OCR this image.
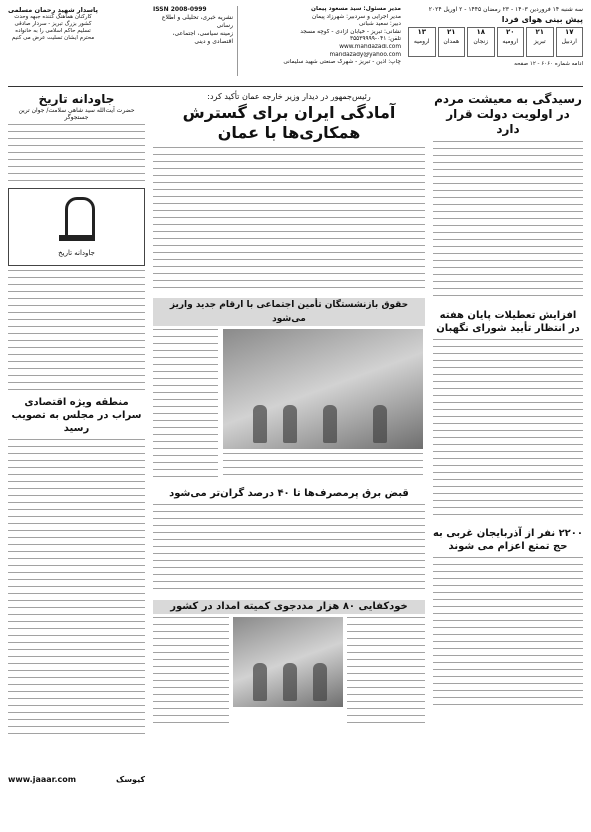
سه شنبه ۱۴ فروردین ۱۴۰۳ - ۲۳ رمضان ۱۴۴۵ - ۲ آوریل ۲۰۲۴
پیش بینی هوای فردا
۱۷
اردبیل
۲۱
تبریز
۲۰
ارومیه
۱۸
زنجان
۲۱
همدان
۱۳
ارومیه
ادامه شماره ۶۰۶۰ - ۱۲ صفحه
مدیر مسئول: سید مسعود پیمان
مدیر اجرایی و سردبیر: شهرزاد پیمان
دبیر: سعید شبانی
نشانی: تبریز - خیابان آزادی - کوچه مسجد
تلفن: ۰۴۱-۳۵۵۳۹۹۹۹
www.mahdazadi.com
mandazady@yahoo.com
چاپ: آذین - تبریز - شهرک صنعتی شهید سلیمانی
ISSN 2008-0999
نشریه خبری، تحلیلی و اطلاع رسانی
زمینه سیاسی، اجتماعی، اقتصادی و دینی
پاسدار شهید رحمان مسلمی
کارکنان هماهنگ کننده جبهه وحدت کشور بزرگ تبریز - سردار صادقی تسلیم حاکم اسلامی را به خانواده محترم ایشان تسلیت عرض می کنیم
رسیدگی به معیشت مردم در اولویت دولت قرار دارد
افزایش تعطیلات پایان هفته در انتظار تأیید شورای نگهبان
۲۲۰۰ نفر از آذربایجان غربی به حج تمتع اعزام می شوند
رئیس‌جمهور در دیدار وزیر خارجه عمان تأکید کرد:
آمادگی ایران برای گسترش همکاری‌ها با عمان
حقوق بازنشستگان تأمین اجتماعی با ارقام جدید واریز می‌شود
قبض برق پرمصرف‌ها تا ۴۰ درصد گران‌تر می‌شود
خودکفایی ۸۰ هزار مددجوی کمیته امداد در کشور
جاودانه تاریخ
حضرت آیت‌الله سید شاهی سلامت/ جوان ترین جستجوگر
جاودانه تاریخ
منطقه ویژه اقتصادی سراب در مجلس به تصویب رسید
کیوسک
www.jaaar.com
